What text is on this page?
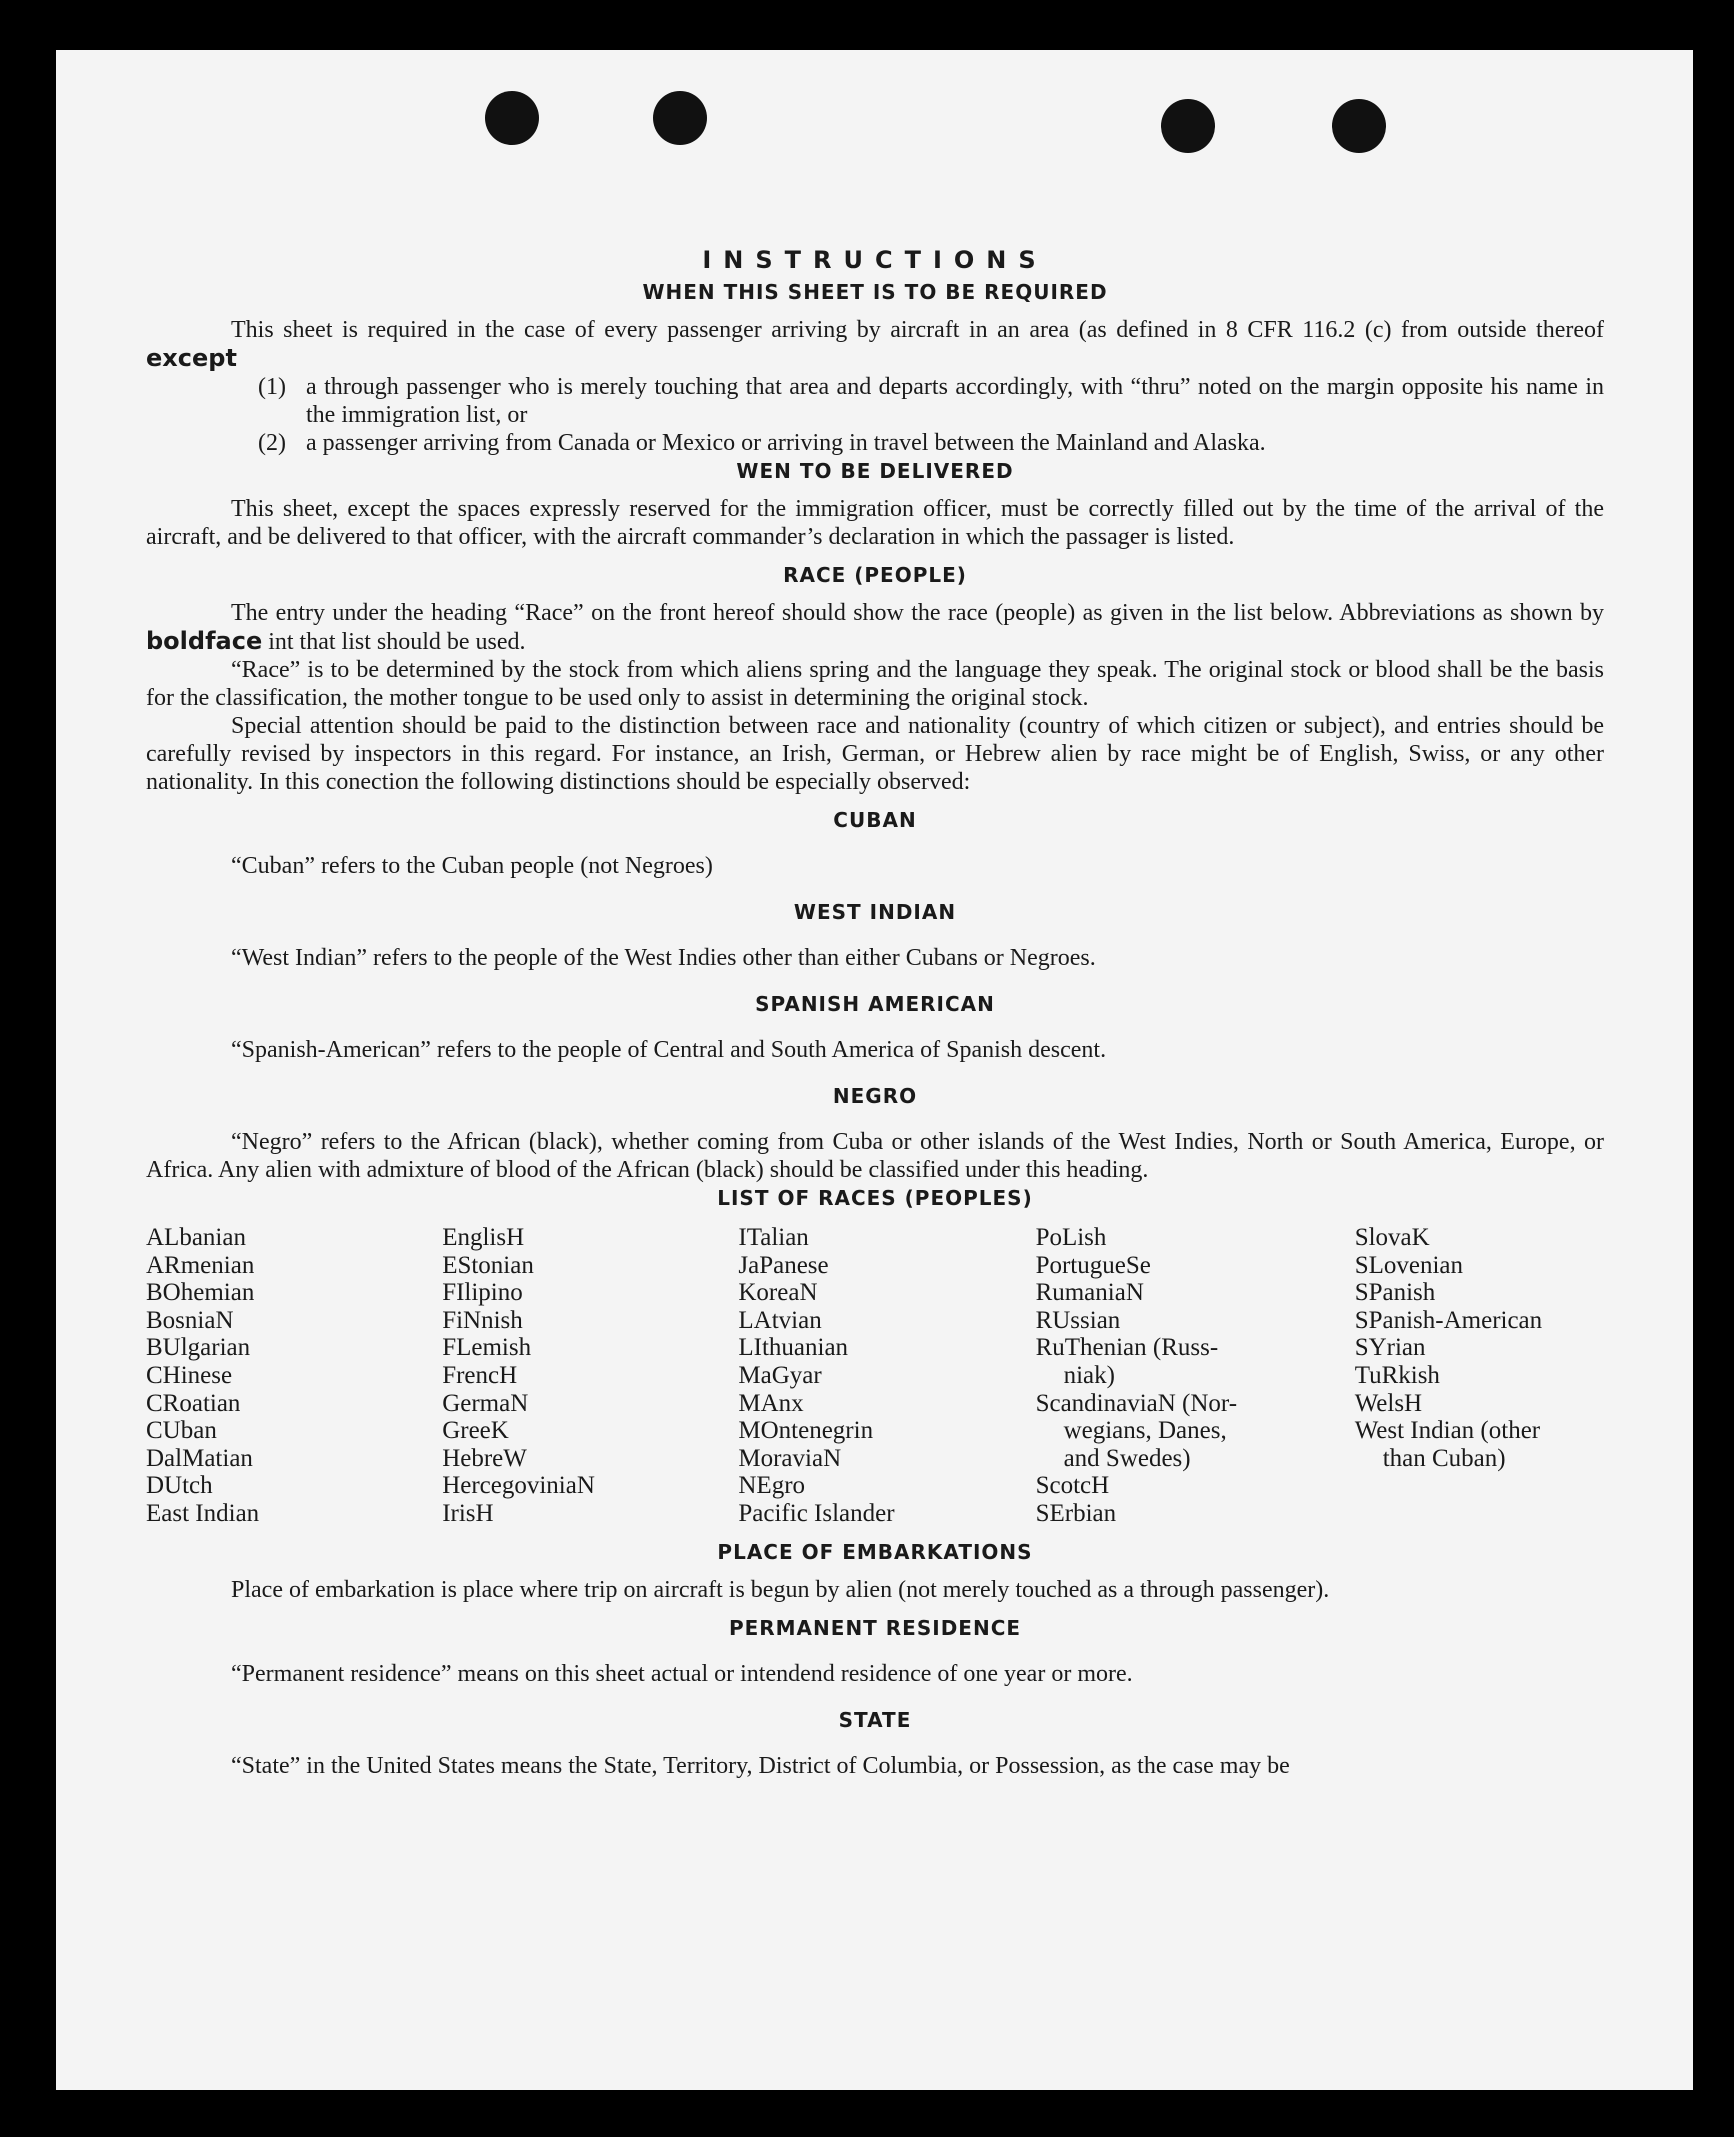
INSTRUCTIONS
WHEN THIS SHEET IS TO BE REQUIRED

This sheet is required in the case of every passenger arriving by aircraft in an area (as defined in 8 CFR 116.2 (c) from outside thereof except

(1) a through passenger who is merely touching that area and departs accordingly, with “thru” noted on the margin opposite his name in the immigration list, or
(2) a passenger arriving from Canada or Mexico or arriving in travel between the Mainland and Alaska.
WEN TO BE DELIVERED

This sheet, except the spaces expressly reserved for the immigration officer, must be correctly filled out by the time of the arrival of the aircraft, and be delivered to that officer, with the aircraft commander’s declaration in which the passager is listed.

RACE (PEOPLE)

The entry under the heading “Race” on the front hereof should show the race (people) as given in the list below. Abbreviations as shown by boldface int that list should be used.

“Race” is to be determined by the stock from which aliens spring and the language they speak. The original stock or blood shall be the basis for the classification, the mother tongue to be used only to assist in determining the original stock.

Special attention should be paid to the distinction between race and nationality (country of which citizen or subject), and entries should be carefully revised by inspectors in this regard. For instance, an Irish, German, or Hebrew alien by race might be of English, Swiss, or any other nationality. In this conection the following distinctions should be especially observed:

CUBAN

“Cuban” refers to the Cuban people (not Negroes)

WEST INDIAN

“West Indian” refers to the people of the West Indies other than either Cubans or Negroes.

SPANISH AMERICAN

“Spanish-American” refers to the people of Central and South America of Spanish descent.

NEGRO

“Negro” refers to the African (black), whether coming from Cuba or other islands of the West Indies, North or South America, Europe, or Africa. Any alien with admixture of blood of the African (black) should be classified under this heading.

LIST OF RACES (PEOPLES)
ALbanian
ARmenian
BOhemian
BosniaN
BUlgarian
CHinese
CRoatian
CUban
DalMatian
DUtch
East Indian
EnglisH
EStonian
FIlipino
FiNnish
FLemish
FrencH
GermaN
GreeK
HebreW
HercegoviniaN
IrisH
ITalian
JaPanese
KoreaN
LAtvian
LIthuanian
MaGyar
MAnx
MOntenegrin
MoraviaN
NEgro
Pacific Islander
PoLish
PortugueSe
RumaniaN
RUssian
RuThenian (Russ-
niak)
ScandinaviaN (Nor-
wegians, Danes,
and Swedes)
ScotcH
SErbian
SlovaK
SLovenian
SPanish
SPanish-American
SYrian
TuRkish
WelsH
West Indian (other
than Cuban)
PLACE OF EMBARKATIONS

Place of embarkation is place where trip on aircraft is begun by alien (not merely touched as a through passenger).

PERMANENT RESIDENCE

“Permanent residence” means on this sheet actual or intendend residence of one year or more.

STATE

“State” in the United States means the State, Territory, District of Columbia, or Possession, as the case may be
